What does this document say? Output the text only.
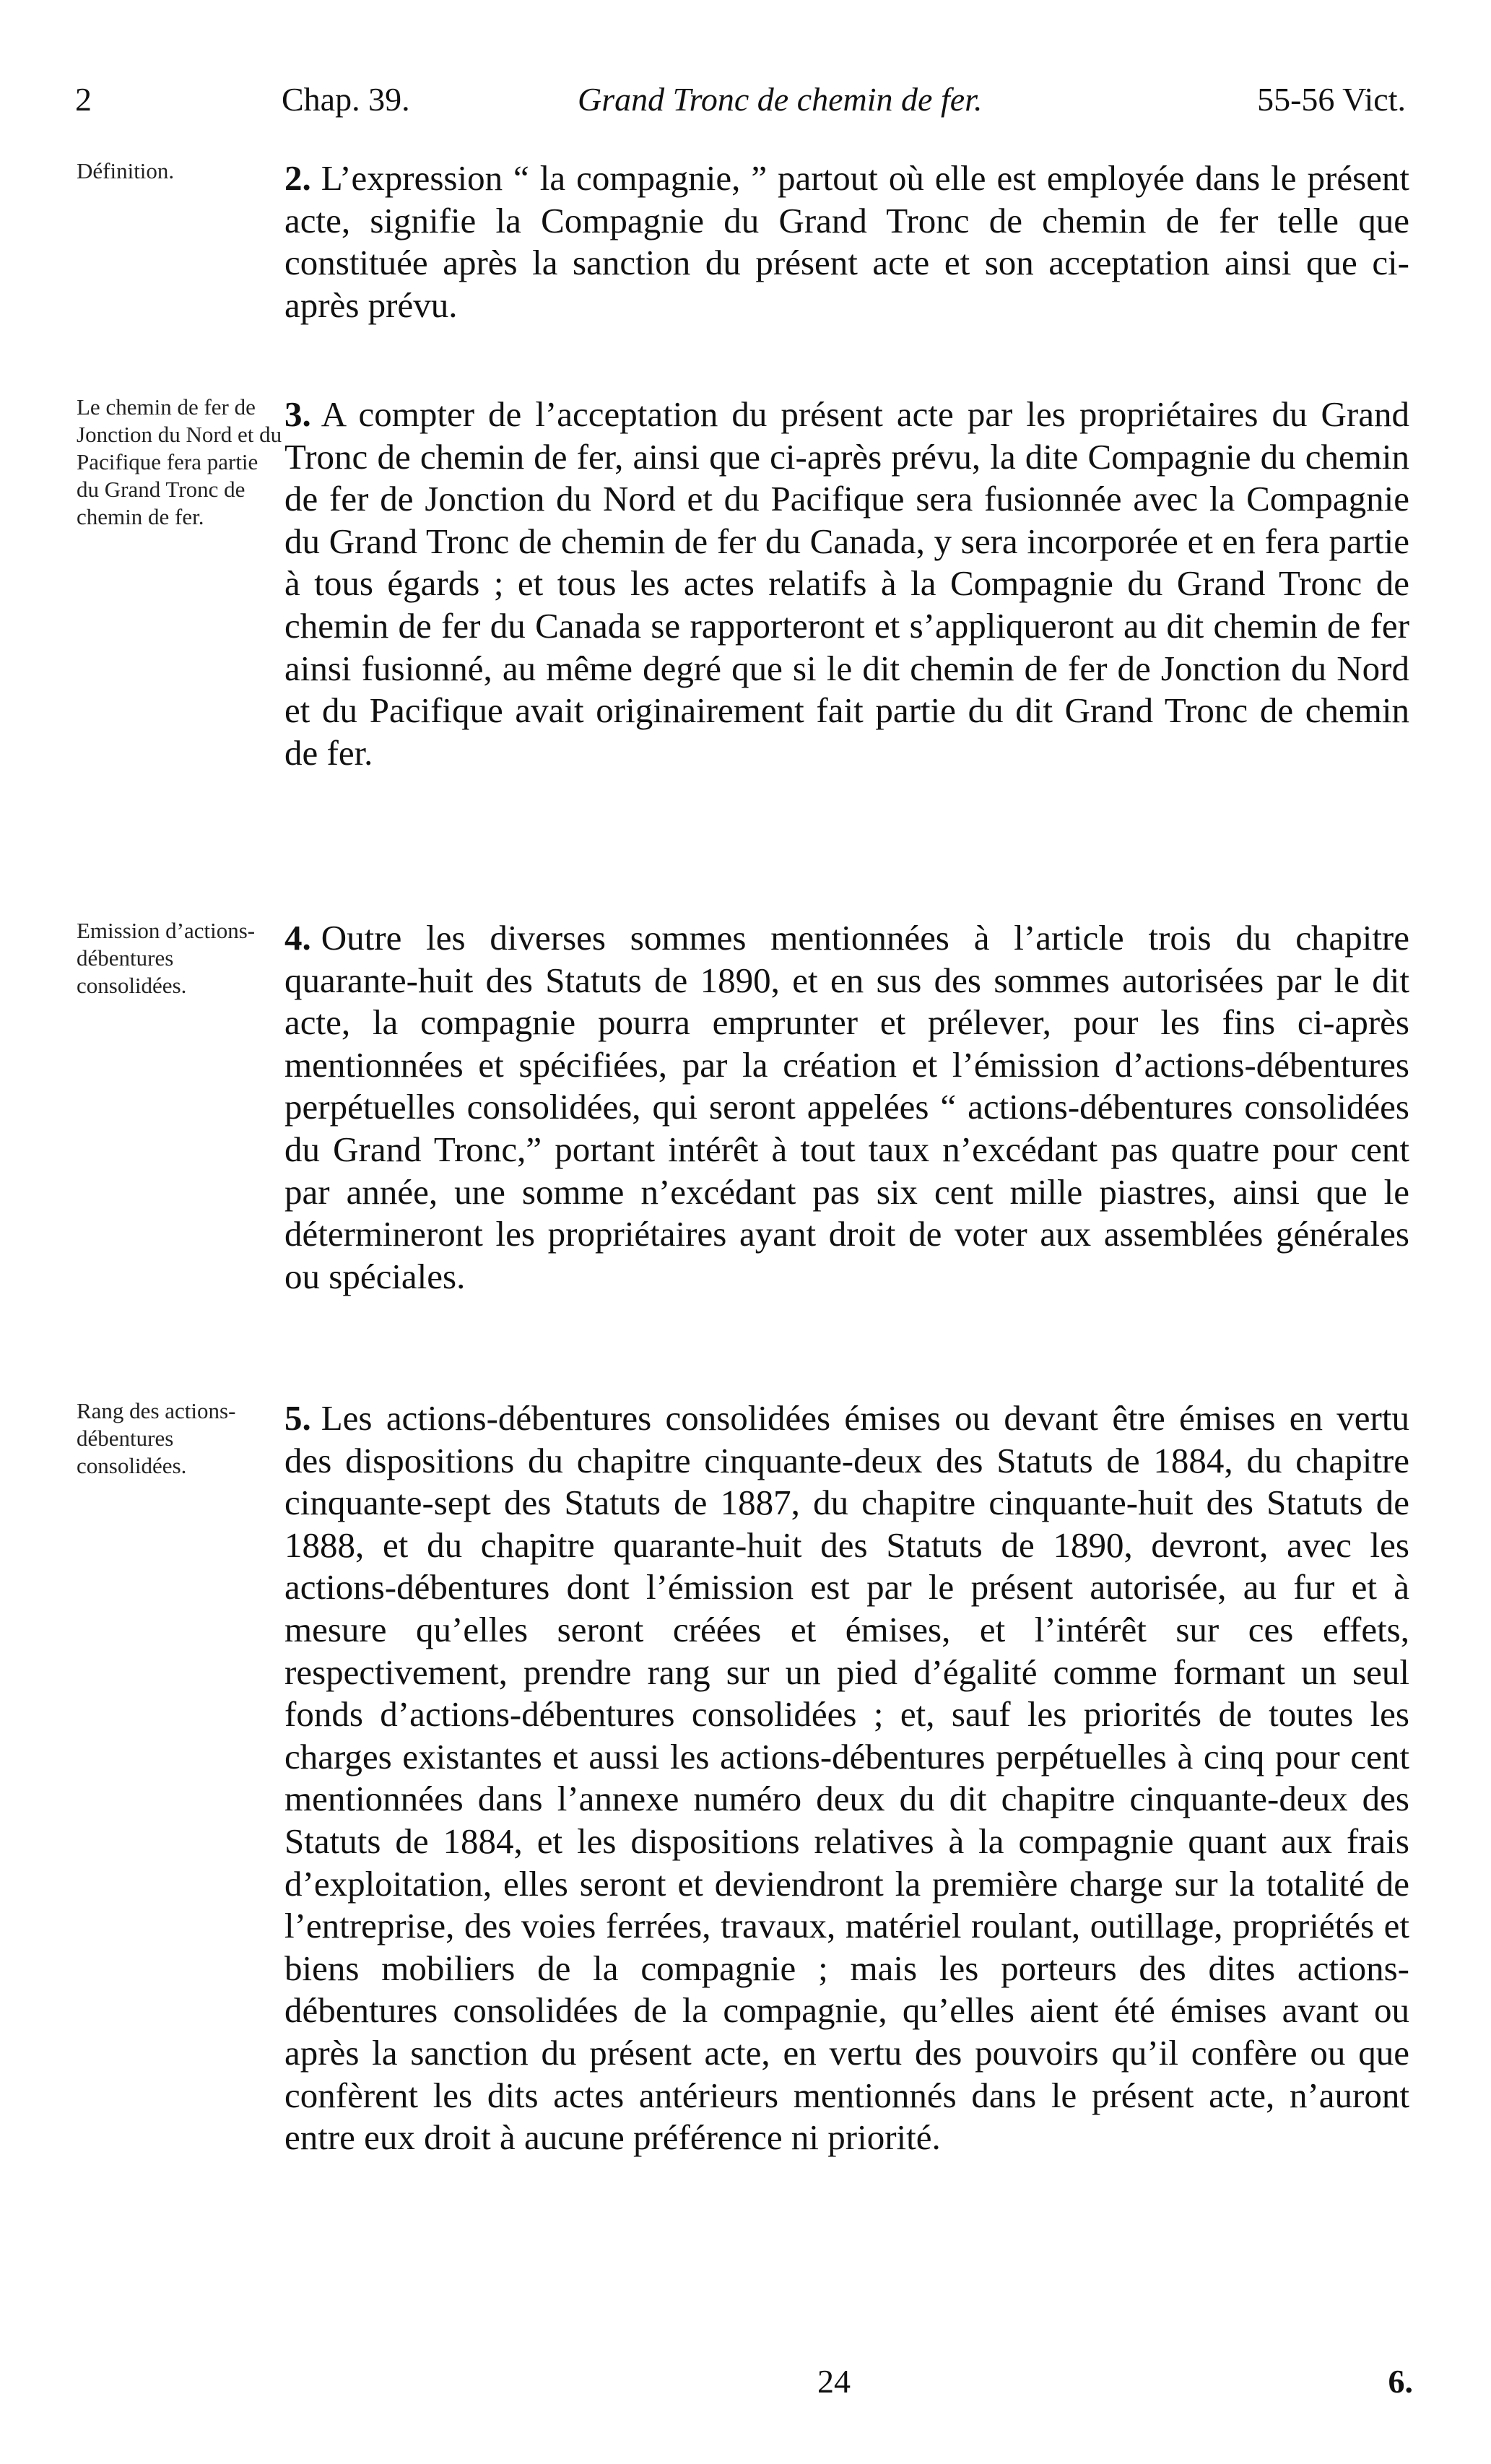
2	Chap. 39.	Grand Tronc de chemin de fer.	55-56 Vict.
Définition.	2. L’expression “ la compagnie, ” partout où elle est employée dans le présent acte, signifie la Compagnie du Grand Tronc de chemin de fer telle que constituée après la sanction du présent acte et son acceptation ainsi que ci-après prévu.
Le chemin de fer de Jonction du Nord et du Pacifique fera partie du Grand Tronc de chemin de fer.
3. A compter de l’acceptation du présent acte par les propriétaires du Grand Tronc de chemin de fer, ainsi que ci-après prévu, la dite Compagnie du chemin de fer de Jonction du Nord et du Pacifique sera fusionnée avec la Compagnie du Grand Tronc de chemin de fer du Canada, y sera incorporée et en fera partie à tous égards ; et tous les actes relatifs à la Compagnie du Grand Tronc de chemin de fer du Canada se rapporteront et s’appliqueront au dit chemin de fer ainsi fusionné, au même degré que si le dit chemin de fer de Jonction du Nord et du Pacifique avait originairement fait partie du dit Grand Tronc de chemin de fer.
Emission d’actions-débentures consolidées.
4. Outre les diverses sommes mentionnées à l’article trois du chapitre quarante-huit des Statuts de 1890, et en sus des sommes autorisées par le dit acte, la compagnie pourra emprunter et prélever, pour les fins ci-après mentionnées et spécifiées, par la création et l’émission d’actions-débentures perpétuelles consolidées, qui seront appelées “ actions-débentures consolidées du Grand Tronc,” portant intérêt à tout taux n’excédant pas quatre pour cent par année, une somme n’excédant pas six cent mille piastres, ainsi que le détermineront les propriétaires ayant droit de voter aux assemblées générales ou spéciales.
Rang des actions-débentures consolidées.
5. Les actions-débentures consolidées émises ou devant être émises en vertu des dispositions du chapitre cinquante-deux des Statuts de 1884, du chapitre cinquante-sept des Statuts de 1887, du chapitre cinquante-huit des Statuts de 1888, et du chapitre quarante-huit des Statuts de 1890, devront, avec les actions-débentures dont l’émission est par le présent autorisée, au fur et à mesure qu’elles seront créées et émises, et l’intérêt sur ces effets, respectivement, prendre rang sur un pied d’égalité comme formant un seul fonds d’actions-débentures consolidées ; et, sauf les priorités de toutes les charges existantes et aussi les actions-débentures perpétuelles à cinq pour cent mentionnées dans l’annexe numéro deux du dit chapitre cinquante-deux des Statuts de 1884, et les dispositions relatives à la compagnie quant aux frais d’exploitation, elles seront et deviendront la première charge sur la totalité de l’entreprise, des voies ferrées, travaux, matériel roulant, outillage, propriétés et biens mobiliers de la compagnie ; mais les porteurs des dites actions-débentures consolidées de la compagnie, qu’elles aient été émises avant ou après la sanction du présent acte, en vertu des pouvoirs qu’il confère ou que confèrent les dits actes antérieurs mentionnés dans le présent acte, n’auront entre eux droit à aucune préférence ni priorité.
24	6.
